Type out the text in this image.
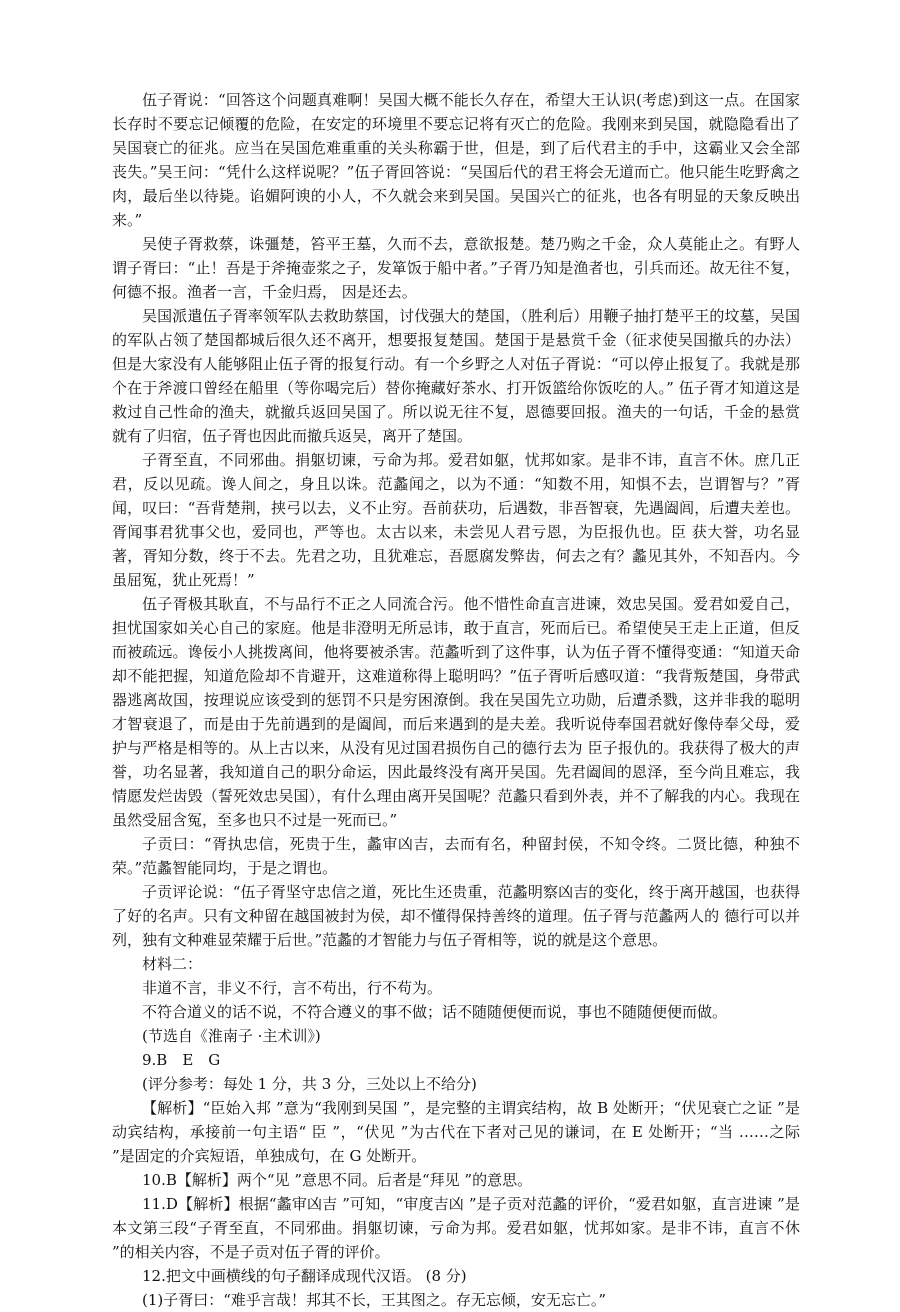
伍子胥说：“回答这个问题真难啊！吴国大概不能长久存在，希望大王认识(考虑)到这一点。在国家长存时不要忘记倾覆的危险，在安定的环境里不要忘记将有灭亡的危险。我刚来到吴国，就隐隐看出了吴国衰亡的征兆。应当在吴国危难重重的关头称霸于世，但是，到了后代君主的手中，这霸业又会全部丧失。”吴王问：“凭什么这样说呢？”伍子胥回答说：“吴国后代的君王将会无道而亡。他只能生吃野禽之肉，最后坐以待毙。谄媚阿谀的小人，不久就会来到吴国。吴国兴亡的征兆，也各有明显的天象反映出来。”

吴使子胥救蔡，诛彊楚，笞平王墓，久而不去，意欲报楚。楚乃购之千金，众人莫能止之。有野人谓子胥曰：“止！吾是于斧掩壶浆之子，发箪饭于船中者。”子胥乃知是渔者也，引兵而还。故无往不复，何德不报。渔者一言，千金归焉， 因是还去。

吴国派遣伍子胥率领军队去救助蔡国，讨伐强大的楚国，（胜利后）用鞭子抽打楚平王的坟墓，吴国的军队占领了楚国都城后很久还不离开，想要报复楚国。楚国于是悬赏千金（征求使吴国撤兵的办法）但是大家没有人能够阻止伍子胥的报复行动。有一个乡野之人对伍子胥说：“可以停止报复了。我就是那个在于斧渡口曾经在船里（等你喝完后）替你掩藏好茶水、打开饭篮给你饭吃的人。” 伍子胥才知道这是救过自己性命的渔夫，就撤兵返回吴国了。所以说无往不复，恩德要回报。渔夫的一句话，千金的悬赏就有了归宿，伍子胥也因此而撤兵返吴，离开了楚国。

子胥至直，不同邪曲。捐躯切谏，亏命为邦。爱君如躯，忧邦如家。是非不讳，直言不休。庶几正君，反以见疏。谗人间之，身且以诛。范蠡闻之，以为不通：“知数不用，知惧不去，岂谓智与？”胥闻，叹曰：“吾背楚荆，挟弓以去，义不止穷。吾前获功，后遇数，非吾智衰，先遇阖闾，后遭夫差也。胥闻事君犹事父也，爱同也，严等也。太古以来，未尝见人君亏恩，为臣报仇也。臣 获大誉，功名显著，胥知分数，终于不去。先君之功，且犹难忘，吾愿腐发弊齿，何去之有？蠡见其外，不知吾内。今虽屈冤，犹止死焉！”

伍子胥极其耿直，不与品行不正之人同流合污。他不惜性命直言进谏，效忠吴国。爱君如爱自己，担忧国家如关心自己的家庭。他是非澄明无所忌讳，敢于直言，死而后已。希望使吴王走上正道，但反而被疏远。谗佞小人挑拨离间，他将要被杀害。范蠡听到了这件事，认为伍子胥不懂得变通：“知道天命却不能把握，知道危险却不肯避开，这难道称得上聪明吗？”伍子胥听后感叹道：“我背叛楚国，身带武器逃离故国，按理说应该受到的惩罚不只是穷困潦倒。我在吴国先立功勋，后遭杀戮，这并非我的聪明才智衰退了，而是由于先前遇到的是阖闾，而后来遇到的是夫差。我听说侍奉国君就好像侍奉父母，爱护与严格是相等的。从上古以来，从没有见过国君损伤自己的德行去为 臣子报仇的。我获得了极大的声誉，功名显著，我知道自己的职分命运，因此最终没有离开吴国。先君阖闾的恩泽，至今尚且难忘，我情愿发烂齿毁（誓死效忠吴国），有什么理由离开吴国呢？范蠡只看到外表，并不了解我的内心。我现在虽然受屈含冤，至多也只不过是一死而已。”

子贡曰：“胥执忠信，死贵于生，蠡审凶吉，去而有名，种留封侯，不知令终。二贤比德，种独不荣。”范蠡智能同均，于是之谓也。

子贡评论说：“伍子胥坚守忠信之道，死比生还贵重，范蠡明察凶吉的变化，终于离开越国，也获得了好的名声。只有文种留在越国被封为侯，却不懂得保持善终的道理。伍子胥与范蠡两人的 德行可以并列，独有文种难显荣耀于后世。”范蠡的才智能力与伍子胥相等，说的就是这个意思。

材料二：

非道不言，非义不行，言不苟出，行不苟为。

不符合道义的话不说，不符合遵义的事不做；话不随随便便而说，事也不随随便便而做。

(节选自《淮南子 ·主术训》)

9.B　E　G

(评分参考：每处 1 分，共 3 分，三处以上不给分)

【解析】“臣始入邦 ”意为“我刚到吴国 ”，是完整的主谓宾结构，故 B 处断开；“伏见衰亡之证 ”是动宾结构，承接前一句主语“ 臣 ”，“伏见 ”为古代在下者对己见的谦词，在 E 处断开；“当 ……之际 ”是固定的介宾短语，单独成句，在 G 处断开。

10.B【解析】两个“见 ”意思不同。后者是“拜见 ”的意思。

11.D【解析】根据“蠡审凶吉 ”可知，“审度吉凶 ”是子贡对范蠡的评价，“爱君如躯，直言进谏 ”是本文第三段“子胥至直，不同邪曲。捐躯切谏，亏命为邦。爱君如躯，忧邦如家。是非不讳，直言不休 ”的相关内容，不是子贡对伍子胥的评价。

12.把文中画横线的句子翻译成现代汉语。 (8 分)

(1)子胥曰：“难乎言哉！邦其不长，王其图之。存无忘倾，安无忘亡。”
